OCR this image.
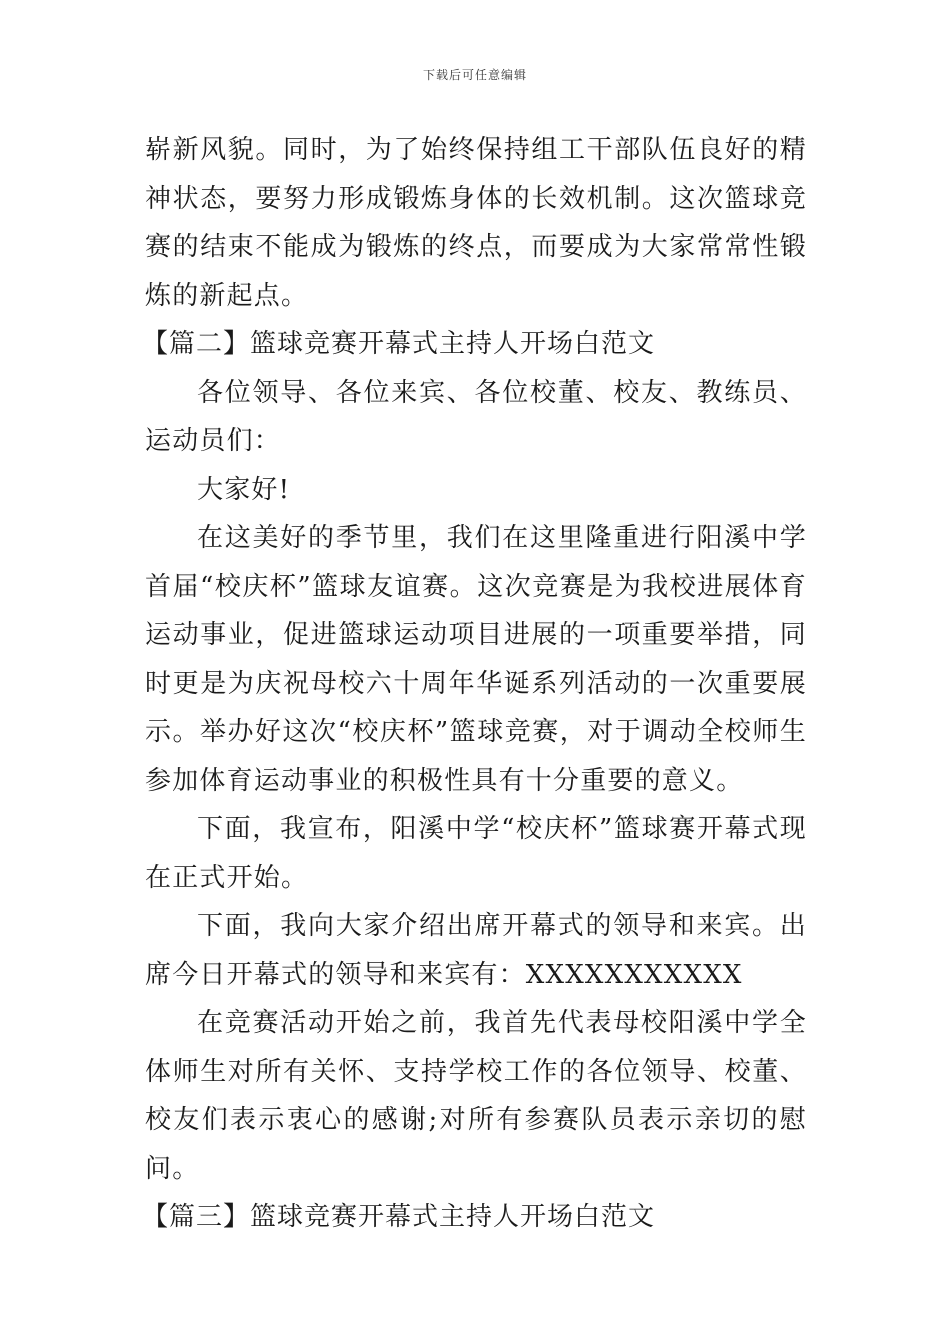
下载后可任意编辑

崭新风貌。同时，为了始终保持组工干部队伍良好的精神状态，要努力形成锻炼身体的长效机制。这次篮球竞赛的结束不能成为锻炼的终点，而要成为大家常常性锻炼的新起点。

【篇二】篮球竞赛开幕式主持人开场白范文

各位领导、各位来宾、各位校董、校友、教练员、运动员们：

大家好!

在这美好的季节里，我们在这里隆重进行阳溪中学首届“校庆杯”篮球友谊赛。这次竞赛是为我校进展体育运动事业，促进篮球运动项目进展的一项重要举措，同时更是为庆祝母校六十周年华诞系列活动的一次重要展示。举办好这次“校庆杯”篮球竞赛，对于调动全校师生参加体育运动事业的积极性具有十分重要的意义。

下面，我宣布，阳溪中学“校庆杯”篮球赛开幕式现在正式开始。

下面，我向大家介绍出席开幕式的领导和来宾。出席今日开幕式的领导和来宾有：XXXXXXXXXXX

在竞赛活动开始之前，我首先代表母校阳溪中学全体师生对所有关怀、支持学校工作的各位领导、校董、校友们表示衷心的感谢;对所有参赛队员表示亲切的慰问。

【篇三】篮球竞赛开幕式主持人开场白范文
